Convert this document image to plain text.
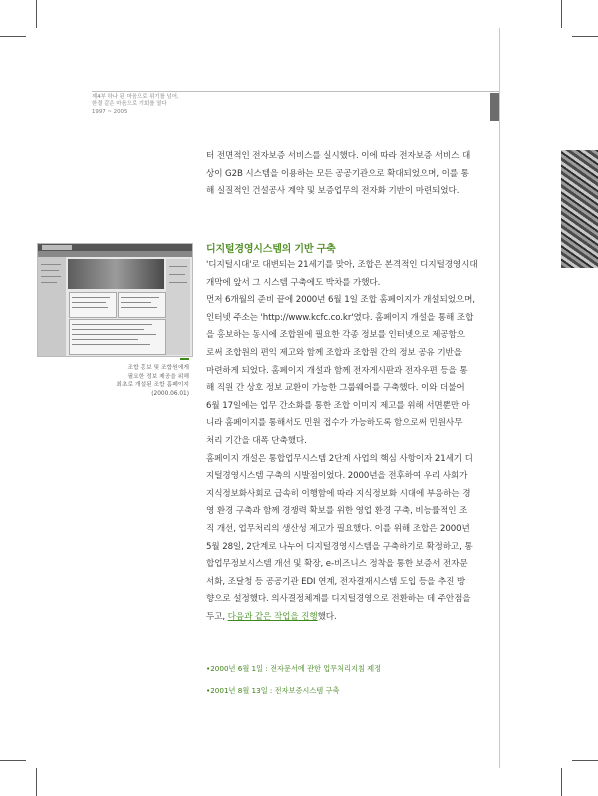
제4부 하나 된 마음으로 위기를 넘어,
한결 같은 마음으로 기회를 열다
1997 ~ 2005
터 전면적인 전자보증 서비스를 실시했다. 이에 따라 전자보증 서비스 대
상이 G2B 시스템을 이용하는 모든 공공기관으로 확대되었으며, 이를 통
해 실질적인 건설공사 계약 및 보증업무의 전자화 기반이 마련되었다.
디지털경영시스템의 기반 구축
'디지털시대'로 대변되는 21세기를 맞아, 조합은 본격적인 디지털경영시대
개막에 앞서 그 시스템 구축에도 박차를 가했다.
먼저 6개월의 준비 끝에 2000년 6월 1일 조합 홈페이지가 개설되었으며,
인터넷 주소는 'http://www.kcfc.co.kr'였다. 홈페이지 개설을 통해 조합
을 홍보하는 동시에 조합원에 필요한 각종 정보를 인터넷으로 제공함으
로써 조합원의 편익 제고와 함께 조합과 조합원 간의 정보 공유 기반을
마련하게 되었다. 홈페이지 개설과 함께 전자게시판과 전자우편 등을 통
해 직원 간 상호 정보 교환이 가능한 그룹웨어를 구축했다. 이와 더불어
6월 17일에는 업무 간소화를 통한 조합 이미지 제고를 위해 서면뿐만 아
니라 홈페이지를 통해서도 민원 접수가 가능하도록 함으로써 민원사무
처리 기간을 대폭 단축했다.
홈페이지 개설은 통합업무시스템 2단계 사업의 핵심 사항이자 21세기 디
지털경영시스템 구축의 시발점이었다. 2000년을 전후하여 우리 사회가
지식정보화사회로 급속히 이행함에 따라 지식정보화 시대에 부응하는 경
영 환경 구축과 함께 경쟁력 확보를 위한 영업 환경 구축, 비능률적인 조
직 개선, 업무처리의 생산성 제고가 필요했다. 이를 위해 조합은 2000년
5월 28일, 2단계로 나누어 디지털경영시스템을 구축하기로 확정하고, 통
합업무정보시스템 개선 및 확장, e-비즈니스 정착을 통한 보증서 전자문
서화, 조달청 등 공공기관 EDI 연계, 전자결재시스템 도입 등을 추진 방
향으로 설정했다. 의사결정체계를 디지털경영으로 전환하는 데 주안점을
두고, 다음과 같은 작업을 진행했다.
•2000년 6월 1일 : 전자문서에 관한 업무처리지침 제정
•2001년 8월 13일 : 전자보증시스템 구축
조합 홍보 및 조합원에게
필요한 정보 제공을 위해
최초로 개설된 조합 홈페이지
(2000.06.01)
